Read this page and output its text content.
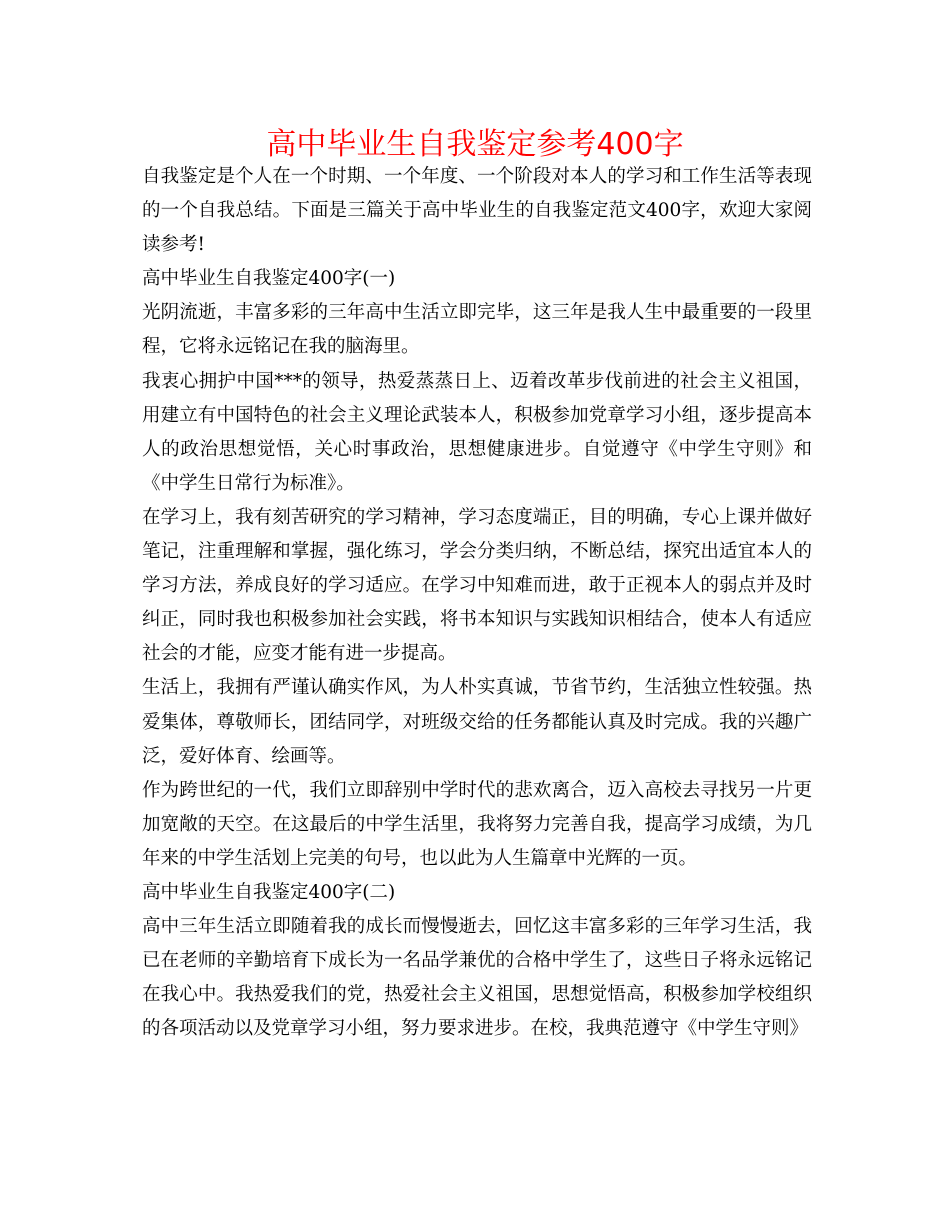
高中毕业生自我鉴定参考400字

自我鉴定是个人在一个时期、一个年度、一个阶段对本人的学习和工作生活等表现的一个自我总结。下面是三篇关于高中毕业生的自我鉴定范文400字，欢迎大家阅读参考!

高中毕业生自我鉴定400字(一)

光阴流逝，丰富多彩的三年高中生活立即完毕，这三年是我人生中最重要的一段里程，它将永远铭记在我的脑海里。

我衷心拥护中国***的领导，热爱蒸蒸日上、迈着改革步伐前进的社会主义祖国，用建立有中国特色的社会主义理论武装本人，积极参加党章学习小组，逐步提高本人的政治思想觉悟，关心时事政治，思想健康进步。自觉遵守《中学生守则》和《中学生日常行为标准》。

在学习上，我有刻苦研究的学习精神，学习态度端正，目的明确，专心上课并做好笔记，注重理解和掌握，强化练习，学会分类归纳，不断总结，探究出适宜本人的学习方法，养成良好的学习适应。在学习中知难而进，敢于正视本人的弱点并及时纠正，同时我也积极参加社会实践，将书本知识与实践知识相结合，使本人有适应社会的才能，应变才能有进一步提高。

生活上，我拥有严谨认确实作风，为人朴实真诚，节省节约，生活独立性较强。热爱集体，尊敬师长，团结同学，对班级交给的任务都能认真及时完成。我的兴趣广泛，爱好体育、绘画等。

作为跨世纪的一代，我们立即辞别中学时代的悲欢离合，迈入高校去寻找另一片更加宽敞的天空。在这最后的中学生活里，我将努力完善自我，提高学习成绩，为几年来的中学生活划上完美的句号，也以此为人生篇章中光辉的一页。

高中毕业生自我鉴定400字(二)

高中三年生活立即随着我的成长而慢慢逝去，回忆这丰富多彩的三年学习生活，我已在老师的辛勤培育下成长为一名品学兼优的合格中学生了，这些日子将永远铭记在我心中。我热爱我们的党，热爱社会主义祖国，思想觉悟高，积极参加学校组织的各项活动以及党章学习小组，努力要求进步。在校，我典范遵守《中学生守则》
